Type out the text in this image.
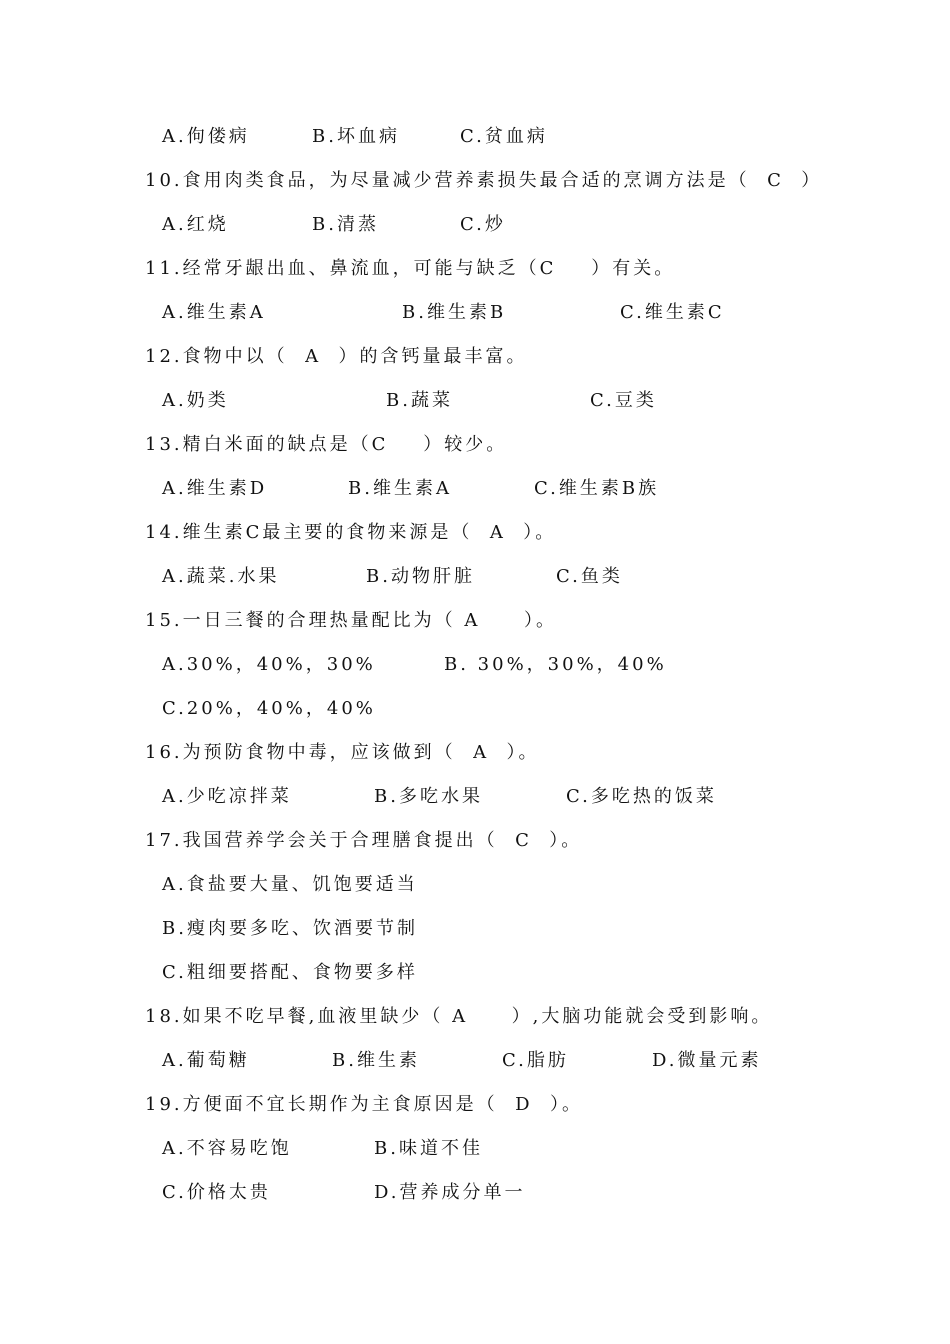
A.佝偻病	B.坏血病	C.贫血病
10.食用肉类食品，为尽量减少营养素损失最合适的烹调方法是（  C  ）
A.红烧	B.清蒸	C.炒
11.经常牙龈出血、鼻流血，可能与缺乏（C    ）有关。
A.维生素A	B.维生素B	C.维生素C
12.食物中以（  A  ）的含钙量最丰富。
A.奶类	B.蔬菜	C.豆类
13.精白米面的缺点是（C    ）较少。
A.维生素D	B.维生素A	C.维生素B族
14.维生素C最主要的食物来源是（  A  ）。
A.蔬菜.水果	B.动物肝脏	C.鱼类
15.一日三餐的合理热量配比为（ A     ）。
A.30%，40%，30%	B. 30%，30%，40%
C.20%，40%，40%
16.为预防食物中毒，应该做到（  A  ）。
A.少吃凉拌菜	B.多吃水果	C.多吃热的饭菜
17.我国营养学会关于合理膳食提出（  C  ）。
A.食盐要大量、饥饱要适当
B.瘦肉要多吃、饮酒要节制
C.粗细要搭配、食物要多样
18.如果不吃早餐,血液里缺少（ A     ）,大脑功能就会受到影响。
A.葡萄糖	B.维生素	C.脂肪	D.微量元素
19.方便面不宜长期作为主食原因是（  D  ）。
A.不容易吃饱	B.味道不佳
C.价格太贵	D.营养成分单一
